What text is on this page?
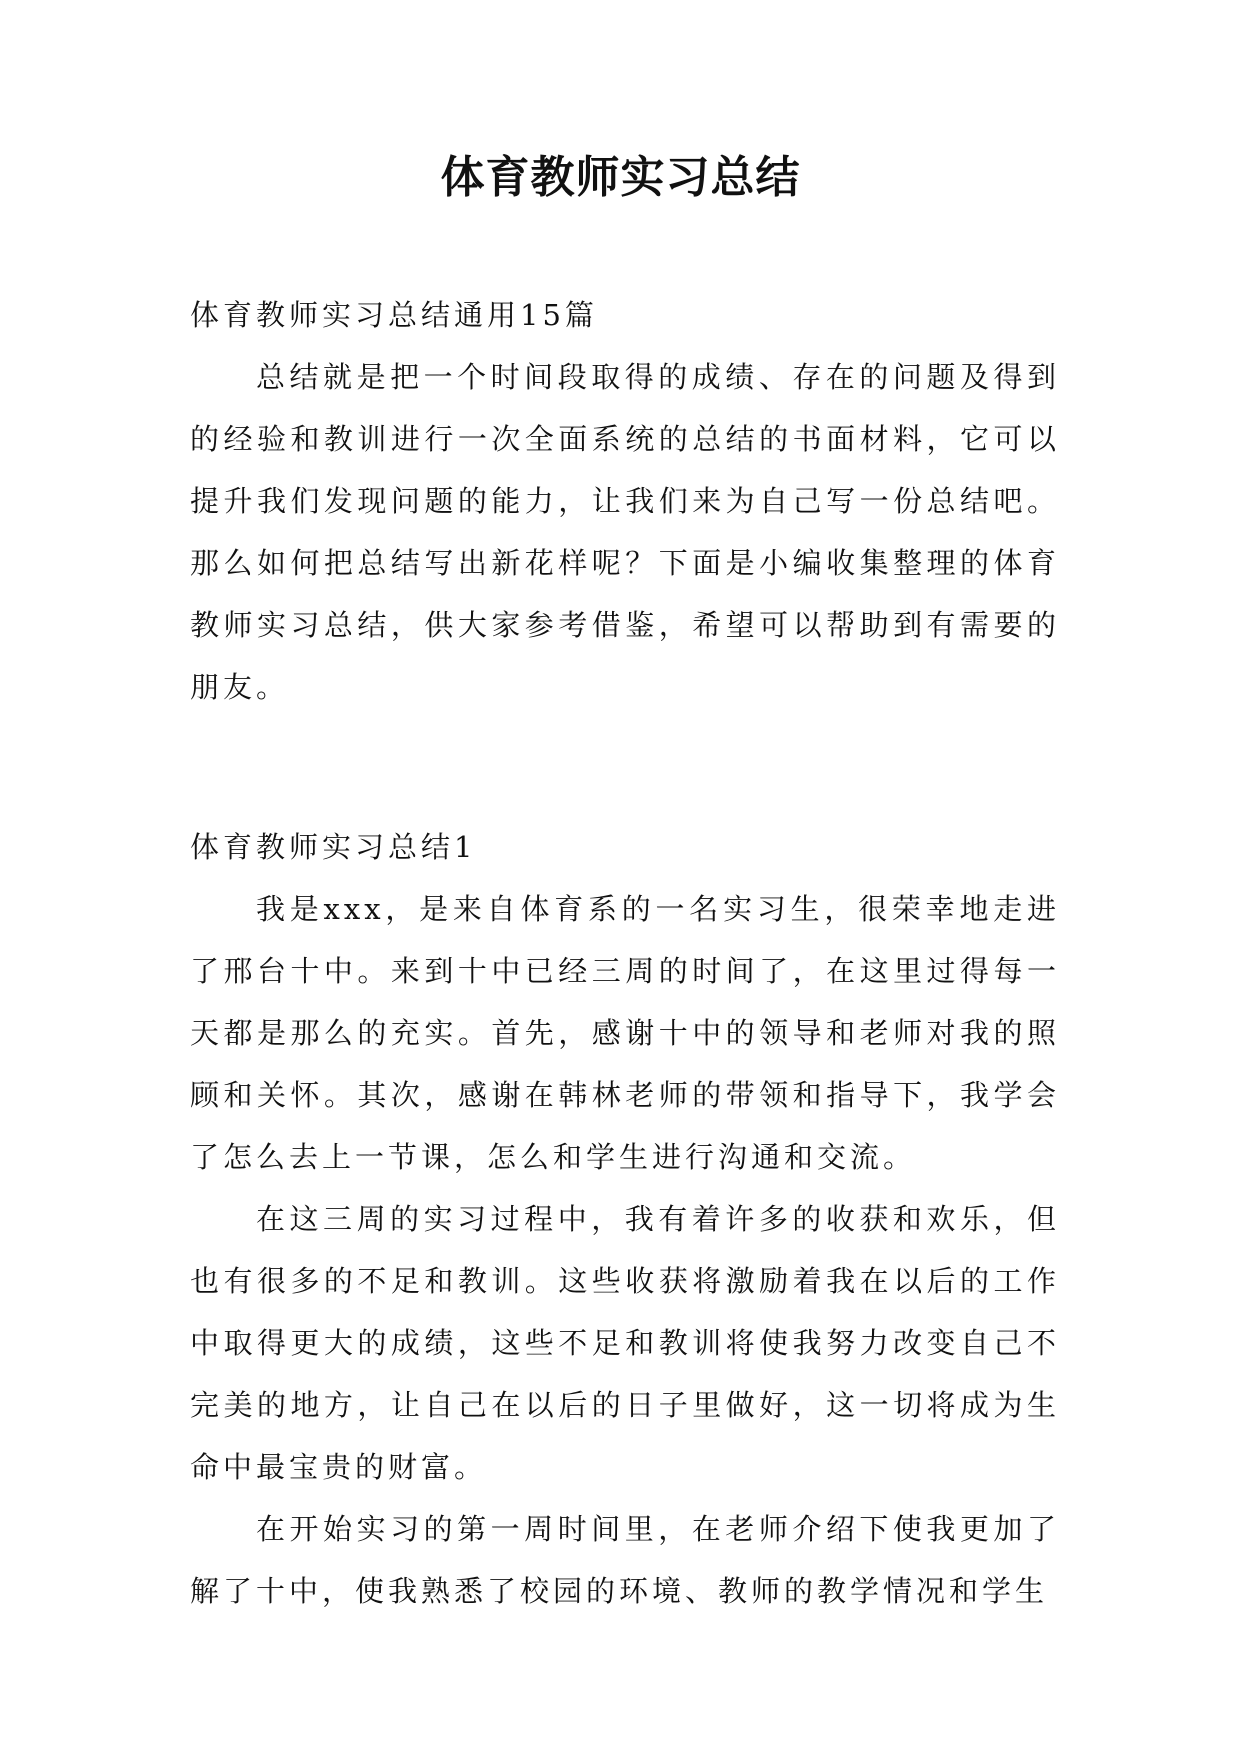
体育教师实习总结

体育教师实习总结通用15篇

总结就是把一个时间段取得的成绩、存在的问题及得到的经验和教训进行一次全面系统的总结的书面材料，它可以提升我们发现问题的能力，让我们来为自己写一份总结吧。那么如何把总结写出新花样呢？下面是小编收集整理的体育教师实习总结，供大家参考借鉴，希望可以帮助到有需要的朋友。

体育教师实习总结1

我是xxx，是来自体育系的一名实习生，很荣幸地走进了邢台十中。来到十中已经三周的时间了，在这里过得每一天都是那么的充实。首先，感谢十中的领导和老师对我的照顾和关怀。其次，感谢在韩林老师的带领和指导下，我学会了怎么去上一节课，怎么和学生进行沟通和交流。

在这三周的实习过程中，我有着许多的收获和欢乐，但也有很多的不足和教训。这些收获将激励着我在以后的工作中取得更大的成绩，这些不足和教训将使我努力改变自己不完美的地方，让自己在以后的日子里做好，这一切将成为生命中最宝贵的财富。

在开始实习的第一周时间里，在老师介绍下使我更加了解了十中，使我熟悉了校园的环境、教师的教学情况和学生
